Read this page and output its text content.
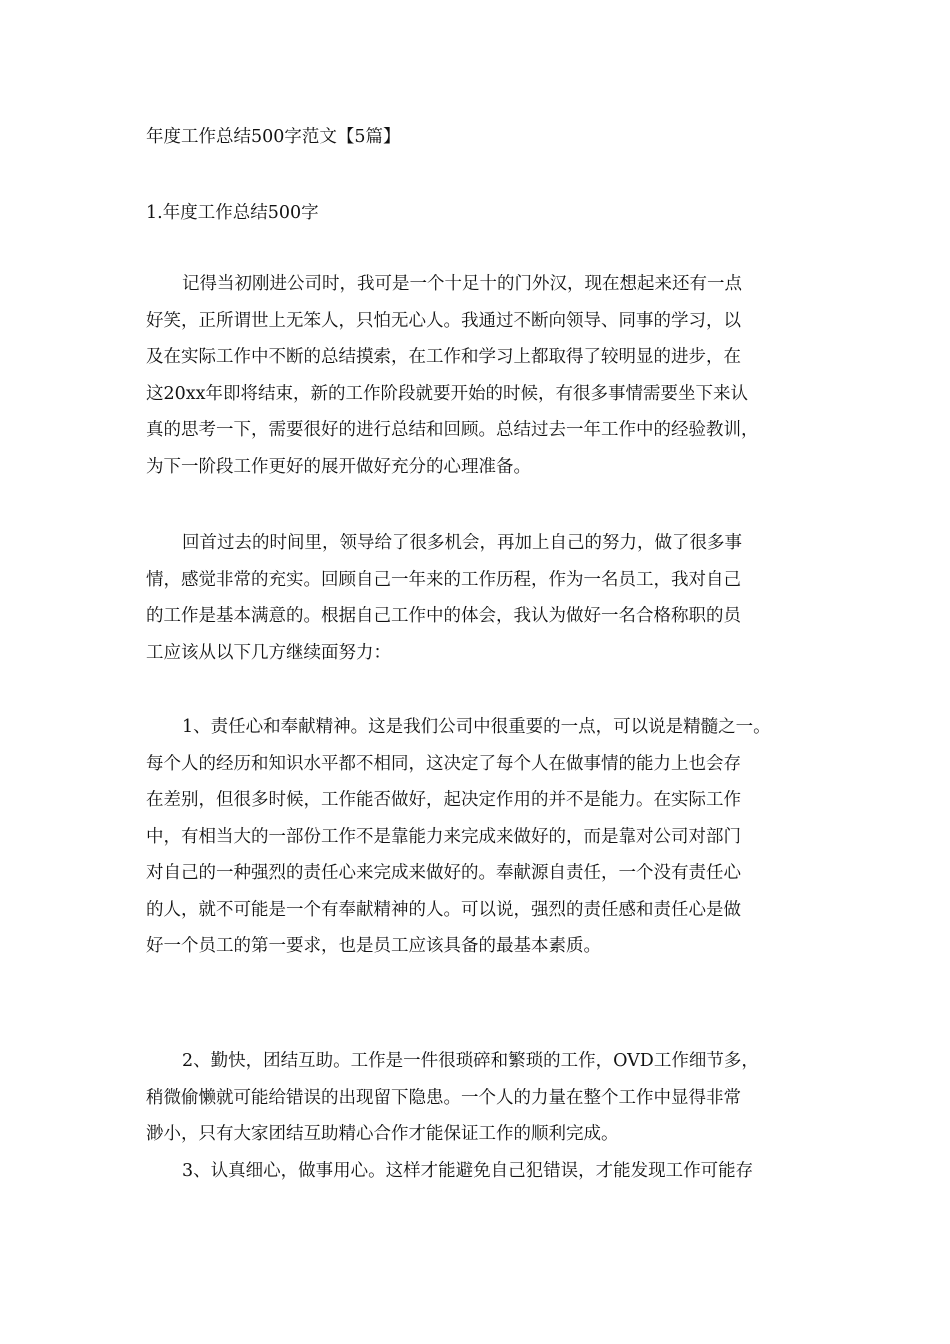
年度工作总结500字范文【5篇】
1.年度工作总结500字
记得当初刚进公司时，我可是一个十足十的门外汉，现在想起来还有一点
好笑，正所谓世上无笨人，只怕无心人。我通过不断向领导、同事的学习，以
及在实际工作中不断的总结摸索，在工作和学习上都取得了较明显的进步，在
这20xx年即将结束，新的工作阶段就要开始的时候，有很多事情需要坐下来认
真的思考一下，需要很好的进行总结和回顾。总结过去一年工作中的经验教训，
为下一阶段工作更好的展开做好充分的心理准备。
回首过去的时间里，领导给了很多机会，再加上自己的努力，做了很多事
情，感觉非常的充实。回顾自己一年来的工作历程，作为一名员工，我对自己
的工作是基本满意的。根据自己工作中的体会，我认为做好一名合格称职的员
工应该从以下几方继续面努力：
1、责任心和奉献精神。这是我们公司中很重要的一点，可以说是精髓之一。
每个人的经历和知识水平都不相同，这决定了每个人在做事情的能力上也会存
在差别，但很多时候，工作能否做好，起决定作用的并不是能力。在实际工作
中，有相当大的一部份工作不是靠能力来完成来做好的，而是靠对公司对部门
对自己的一种强烈的责任心来完成来做好的。奉献源自责任，一个没有责任心
的人，就不可能是一个有奉献精神的人。可以说，强烈的责任感和责任心是做
好一个员工的第一要求，也是员工应该具备的最基本素质。
2、勤快，团结互助。工作是一件很琐碎和繁琐的工作，OVD工作细节多，
稍微偷懒就可能给错误的出现留下隐患。一个人的力量在整个工作中显得非常
渺小，只有大家团结互助精心合作才能保证工作的顺利完成。
3、认真细心，做事用心。这样才能避免自己犯错误，才能发现工作可能存
